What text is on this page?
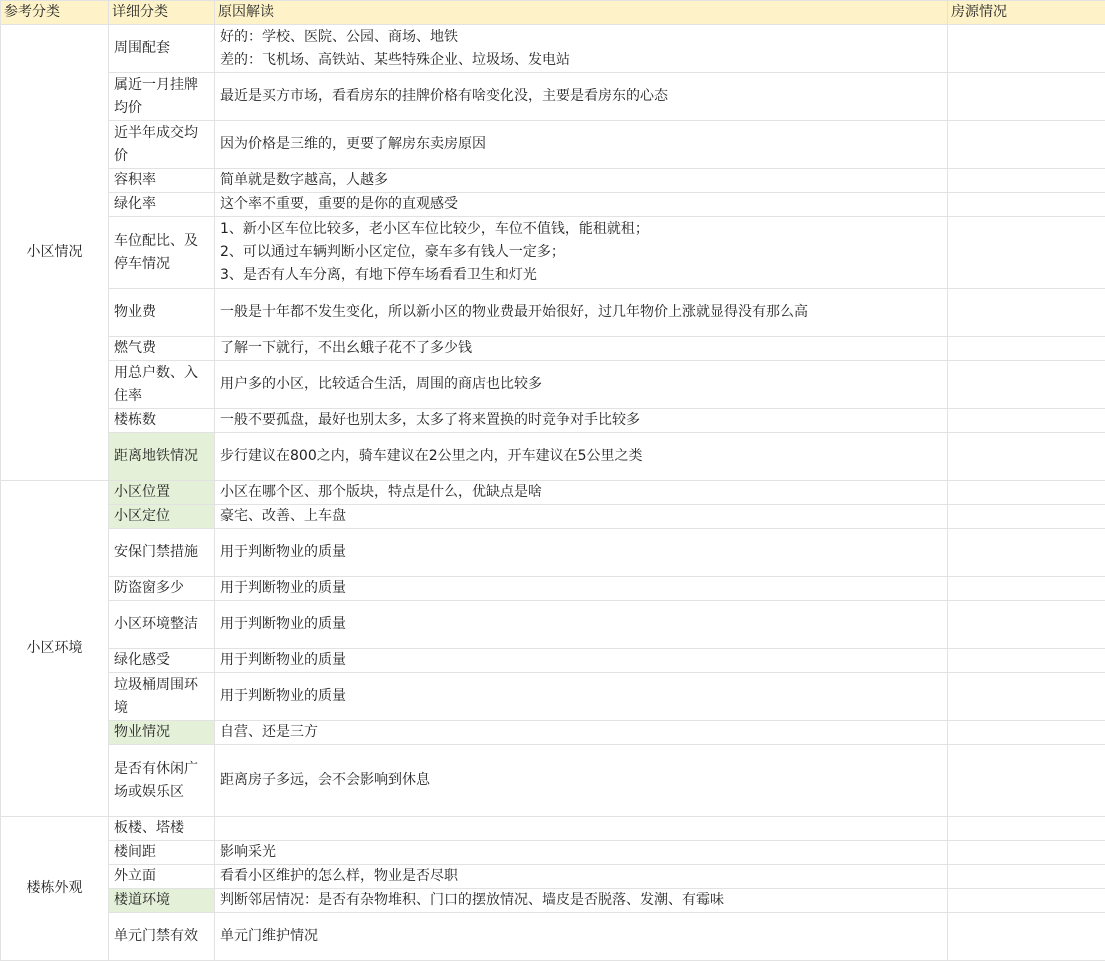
参考分类	详细分类	原因解读	房源情况
小区情况	周围配套	好的：学校、医院、公园、商场、地铁
差的：飞机场、高铁站、某些特殊企业、垃圾场、发电站	
	属近一月挂牌均价	最近是买方市场，看看房东的挂牌价格有啥变化没，主要是看房东的心态	
	近半年成交均价	因为价格是三维的，更要了解房东卖房原因	
	容积率	简单就是数字越高，人越多	
	绿化率	这个率不重要，重要的是你的直观感受	
	车位配比、及停车情况	1、新小区车位比较多，老小区车位比较少，车位不值钱，能租就租；
2、可以通过车辆判断小区定位，豪车多有钱人一定多；
3、是否有人车分离，有地下停车场看看卫生和灯光	
	物业费	一般是十年都不发生变化，所以新小区的物业费最开始很好，过几年物价上涨就显得没有那么高	
	燃气费	了解一下就行，不出幺蛾子花不了多少钱	
	用总户数、入住率	用户多的小区，比较适合生活，周围的商店也比较多	
	楼栋数	一般不要孤盘，最好也别太多，太多了将来置换的时竞争对手比较多	
	距离地铁情况	步行建议在800之内，骑车建议在2公里之内，开车建议在5公里之类	
小区环境	小区位置	小区在哪个区、那个版块，特点是什么，优缺点是啥	
	小区定位	豪宅、改善、上车盘	
	安保门禁措施	用于判断物业的质量	
	防盗窗多少	用于判断物业的质量	
	小区环境整洁	用于判断物业的质量	
	绿化感受	用于判断物业的质量	
	垃圾桶周围环境	用于判断物业的质量	
	物业情况	自营、还是三方	
	是否有休闲广场或娱乐区	距离房子多远，会不会影响到休息	
楼栋外观	板楼、塔楼		
	楼间距	影响采光	
	外立面	看看小区维护的怎么样，物业是否尽职	
	楼道环境	判断邻居情况：是否有杂物堆积、门口的摆放情况、墙皮是否脱落、发潮、有霉味	
	单元门禁有效	单元门维护情况	
